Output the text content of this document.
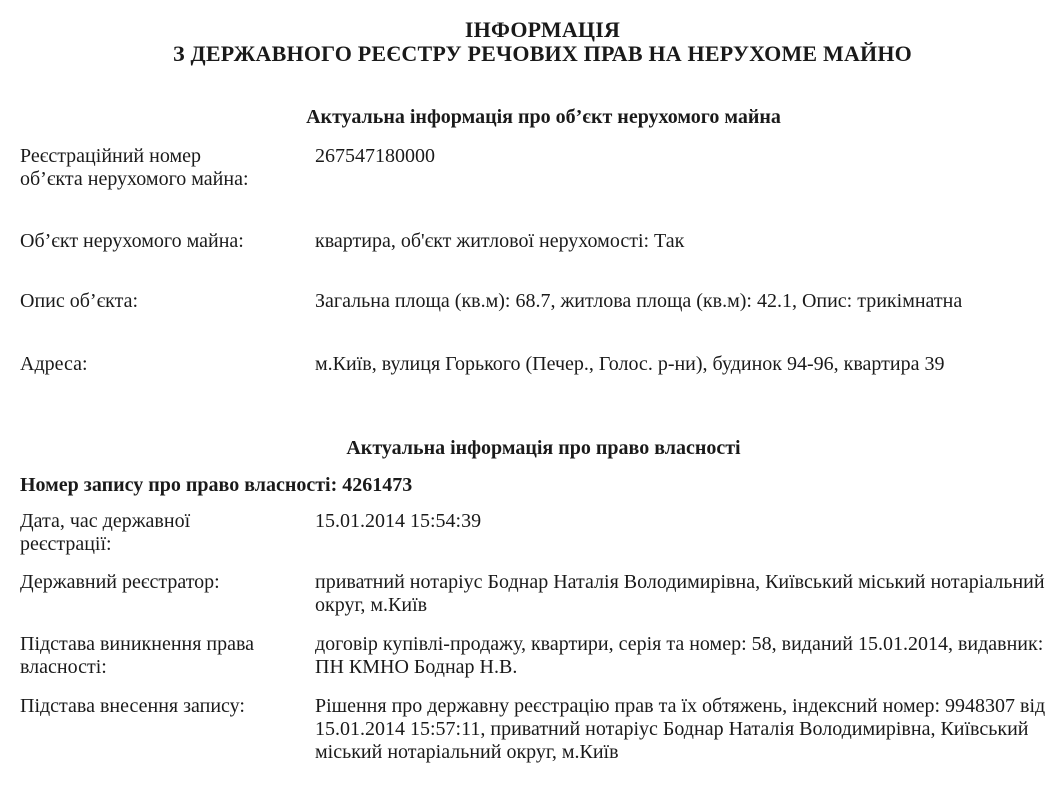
ІНФОРМАЦІЯ
З ДЕРЖАВНОГО РЕЄСТРУ РЕЧОВИХ ПРАВ НА НЕРУХОМЕ МАЙНО
Актуальна інформація про об’єкт нерухомого майна
Реєстраційний номер об’єкта нерухомого майна:
267547180000
Об’єкт нерухомого майна:	квартира, об'єкт житлової нерухомості: Так
Опис об’єкта:	Загальна площа (кв.м): 68.7, житлова площа (кв.м): 42.1, Опис: трикімнатна
Адреса:	м.Київ, вулиця Горького (Печер., Голос. р-ни), будинок 94-96, квартира 39
Актуальна інформація про право власності
Номер запису про право власності: 4261473
Дата, час державної реєстрації:
15.01.2014 15:54:39
Державний реєстратор:	приватний нотаріус Боднар Наталія Володимирівна, Київський міський нотаріальний округ, м.Київ
Підстава виникнення права власності:
договір купівлі-продажу, квартири, серія та номер: 58, виданий 15.01.2014, видавник: ПН КМНО Боднар Н.В.
Підстава внесення запису:	Рішення про державну реєстрацію прав та їх обтяжень, індексний номер: 9948307 від 15.01.2014 15:57:11, приватний нотаріус Боднар Наталія Володимирівна, Київський міський нотаріальний округ, м.Київ
